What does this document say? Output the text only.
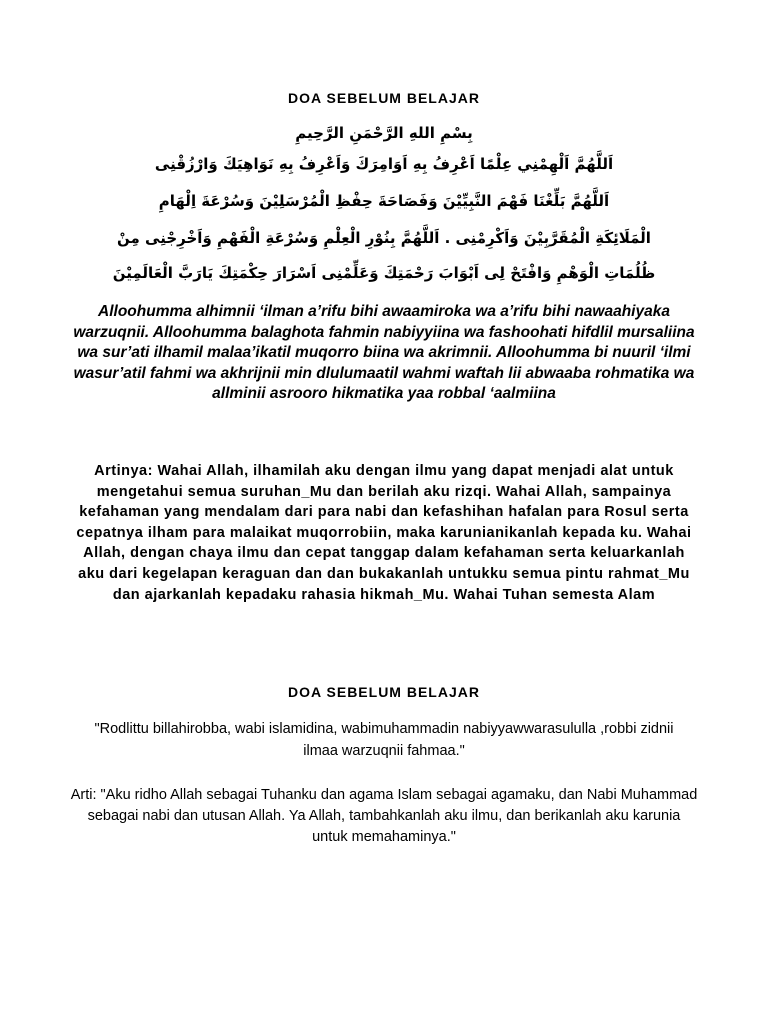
DOA SEBELUM BELAJAR
بِسْمِ اللهِ الرَّحْمَنِ الرَّحِيمِ
اَللَّهُمَّ اَلْهِمْنِي عِلْمًا اَعْرِفُ بِهِ اَوَامِرَكَ وَاَعْرِفُ بِهِ نَوَاهِيَكَ وَارْزُقْنِى
اَللَّهُمَّ بَلِّغْنَا فَهْمَ النَّبِيِّيْنَ وَفَصَاحَةَ حِفْظِ الْمُرْسَلِيْنَ وَسُرْعَةَ اِلْهَامِ
الْمَلَائِكَةِ الْمُقَرَّبِيْنَ وَاَكْرِمْنِى . اَللَّهُمَّ بِنُوْرِ الْعِلْمِ وَسُرْعَةِ الْفَهْمِ وَاَخْرِجْنِى مِنْ
ظُلُمَاتِ الْوَهْمِ وَافْتَحْ لِى اَبْوَابَ رَحْمَتِكَ وَعَلِّمْنِى اَسْرَارَ حِكْمَتِكَ يَارَبَّ الْعَالَمِيْنَ
Alloohumma alhimnii ‘ilman a’rifu bihi awaamiroka wa a’rifu bihi nawaahiyaka warzuqnii. Alloohumma balaghota fahmin nabiyyiina wa fashoohati hifdlil mursaliina wa sur’ati ilhamil malaa’ikatil muqorro biina wa akrimnii. Alloohumma bi nuuril ‘ilmi wasur’atil fahmi wa akhrijnii min dlulumaatil wahmi waftah lii abwaaba rohmatika wa allminii asrooro hikmatika yaa robbal ‘aalmiina
Artinya: Wahai Allah, ilhamilah aku dengan ilmu yang dapat menjadi alat untuk mengetahui semua suruhan_Mu dan berilah aku rizqi. Wahai Allah, sampainya kefahaman yang mendalam dari para nabi dan kefashihan hafalan para Rosul serta cepatnya ilham para malaikat muqorrobiin, maka karunianikanlah kepada ku. Wahai Allah, dengan chaya ilmu dan cepat tanggap dalam kefahaman serta keluarkanlah aku dari kegelapan keraguan dan dan bukakanlah untukku semua pintu rahmat_Mu dan ajarkanlah kepadaku rahasia hikmah_Mu. Wahai Tuhan semesta Alam
DOA SEBELUM BELAJAR
"Rodlittu billahirobba, wabi islamidina, wabimuhammadin nabiyyawwarasululla ,robbi zidnii ilmaa warzuqnii fahmaa."
Arti: "Aku ridho Allah sebagai Tuhanku dan agama Islam sebagai agamaku, dan Nabi Muhammad sebagai nabi dan utusan Allah. Ya Allah, tambahkanlah aku ilmu, dan berikanlah aku karunia untuk memahaminya."
